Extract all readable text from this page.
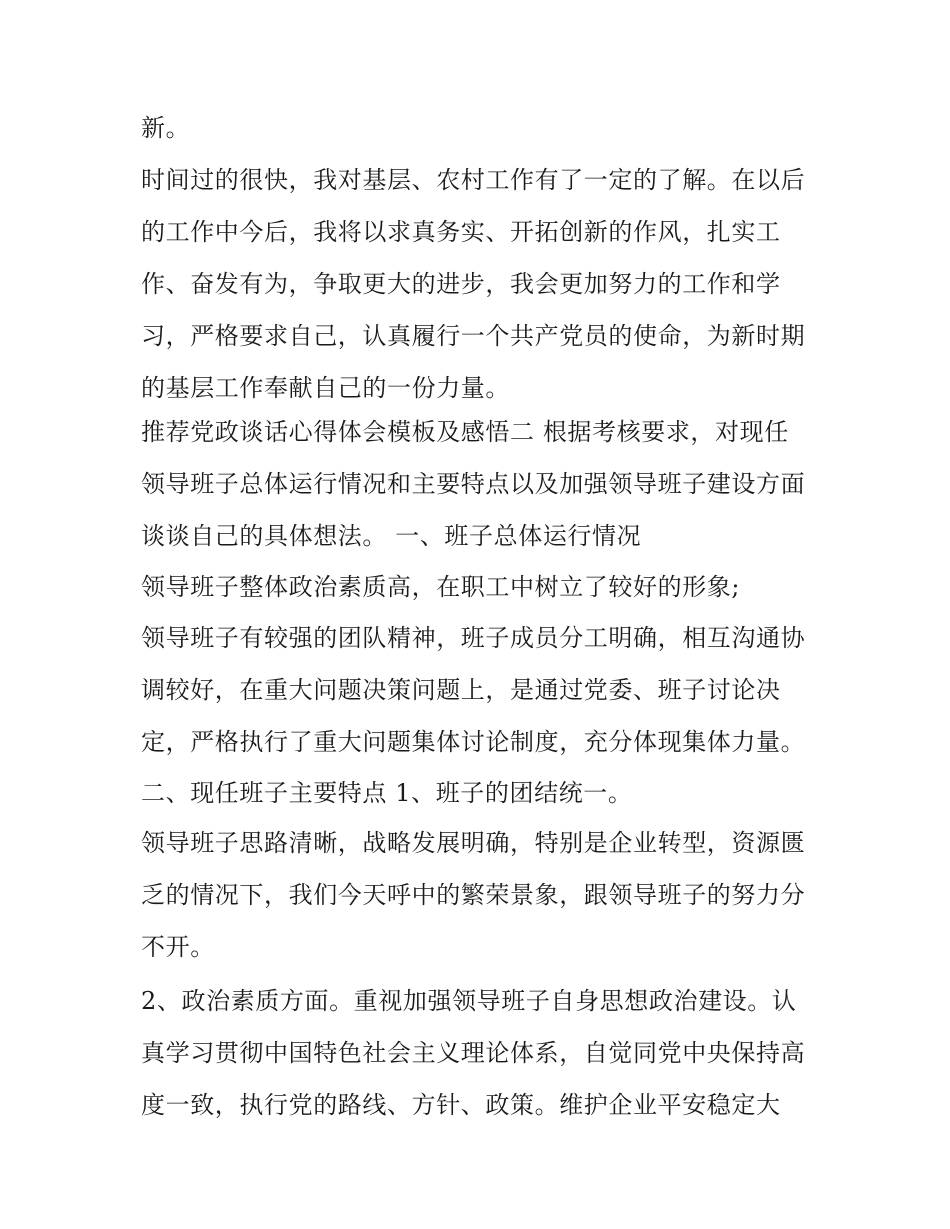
新。
时间过的很快，我对基层、农村工作有了一定的了解。在以后
的工作中今后，我将以求真务实、开拓创新的作风，扎实工
作、奋发有为，争取更大的进步，我会更加努力的工作和学
习，严格要求自己，认真履行一个共产党员的使命，为新时期
的基层工作奉献自己的一份力量。
推荐党政谈话心得体会模板及感悟二 根据考核要求，对现任
领导班子总体运行情况和主要特点以及加强领导班子建设方面
谈谈自己的具体想法。 一、班子总体运行情况
领导班子整体政治素质高，在职工中树立了较好的形象;
领导班子有较强的团队精神，班子成员分工明确，相互沟通协
调较好，在重大问题决策问题上，是通过党委、班子讨论决
定，严格执行了重大问题集体讨论制度，充分体现集体力量。
二、现任班子主要特点 1、班子的团结统一。
领导班子思路清晰，战略发展明确，特别是企业转型，资源匮
乏的情况下，我们今天呼中的繁荣景象，跟领导班子的努力分
不开。
2、政治素质方面。重视加强领导班子自身思想政治建设。认
真学习贯彻中国特色社会主义理论体系，自觉同党中央保持高
度一致，执行党的路线、方针、政策。维护企业平安稳定大
